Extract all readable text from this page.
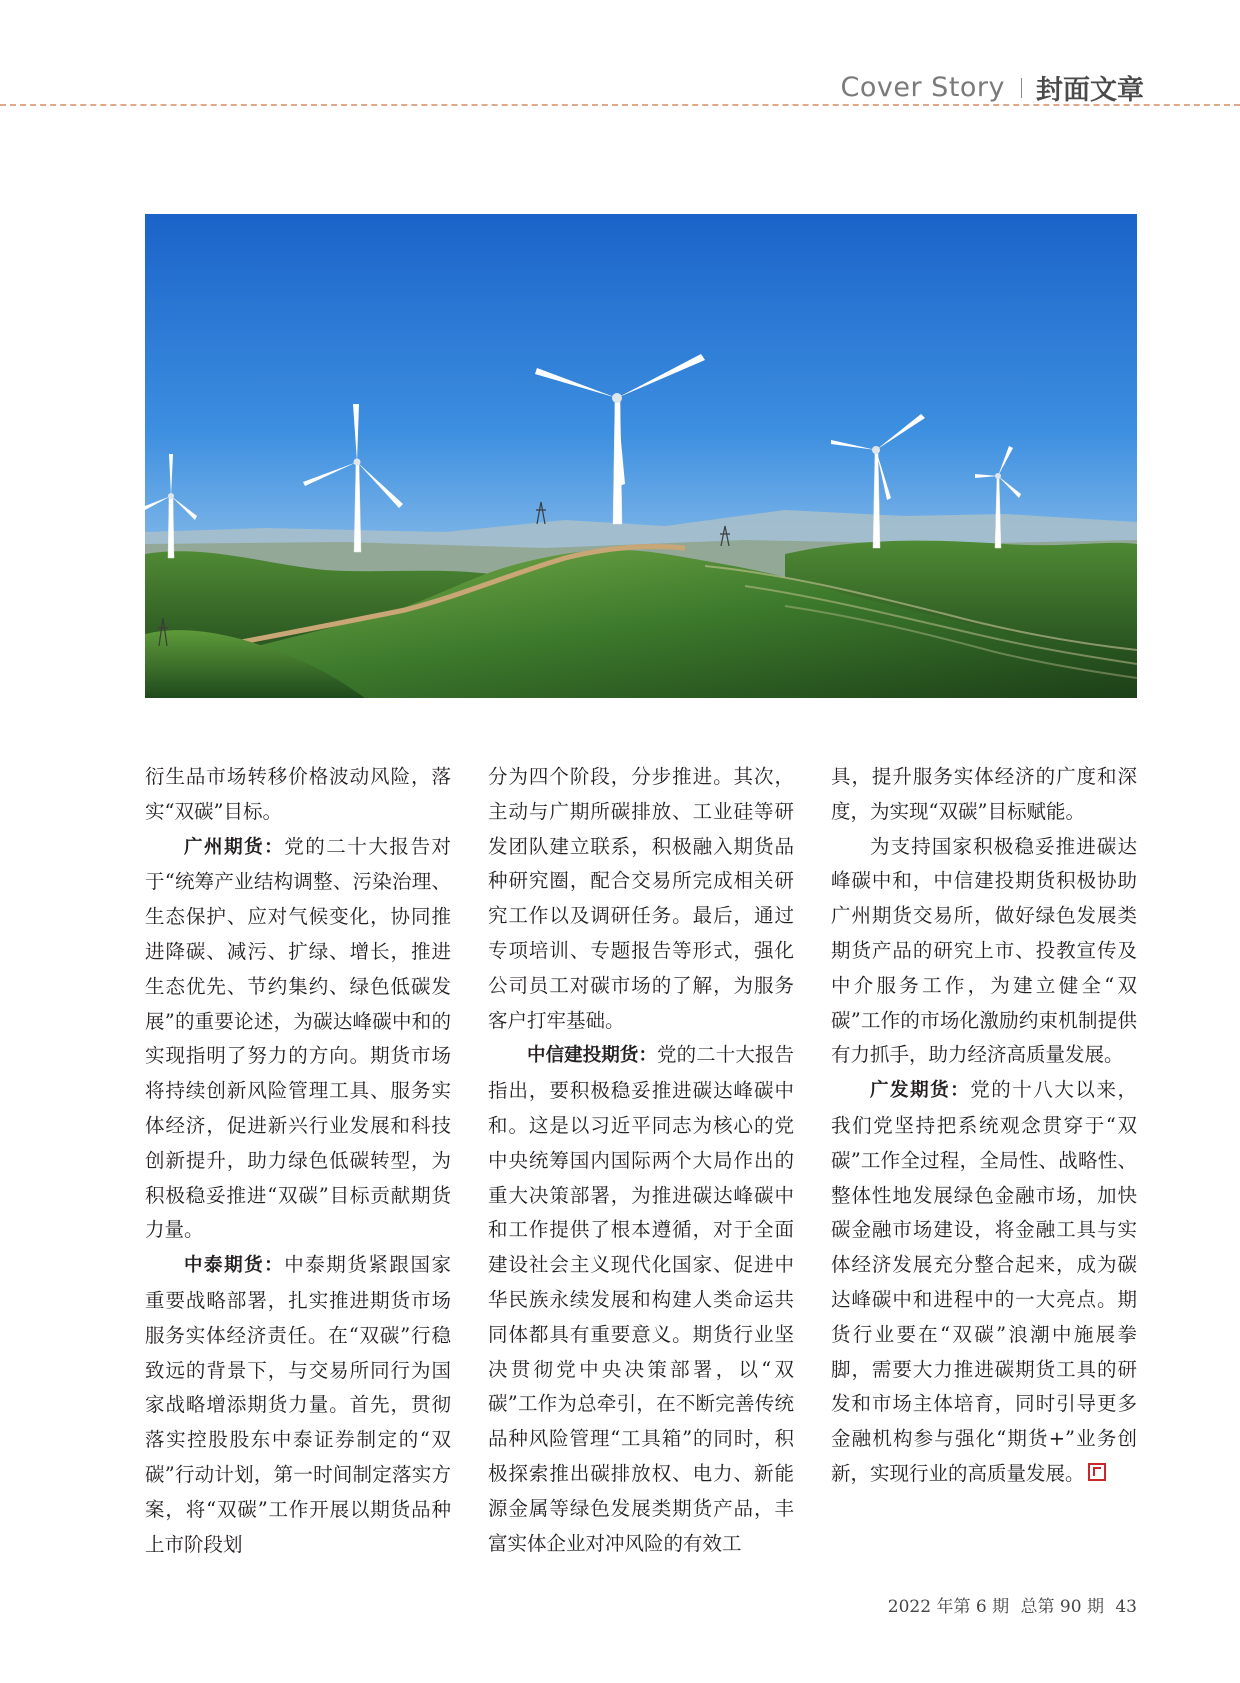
Cover Story 封面文章

衍生品市场转移价格波动风险，落实“双碳”目标。

广州期货：党的二十大报告对于“统筹产业结构调整、污染治理、生态保护、应对气候变化，协同推进降碳、减污、扩绿、增长，推进生态优先、节约集约、绿色低碳发展”的重要论述，为碳达峰碳中和的实现指明了努力的方向。期货市场将持续创新风险管理工具、服务实体经济，促进新兴行业发展和科技创新提升，助力绿色低碳转型，为积极稳妥推进“双碳”目标贡献期货力量。

中泰期货：中泰期货紧跟国家重要战略部署，扎实推进期货市场服务实体经济责任。在“双碳”行稳致远的背景下，与交易所同行为国家战略增添期货力量。首先，贯彻落实控股股东中泰证券制定的“双碳”行动计划，第一时间制定落实方案，将“双碳”工作开展以期货品种上市阶段划

分为四个阶段，分步推进。其次，主动与广期所碳排放、工业硅等研发团队建立联系，积极融入期货品种研究圈，配合交易所完成相关研究工作以及调研任务。最后，通过专项培训、专题报告等形式，强化公司员工对碳市场的了解，为服务客户打牢基础。

中信建投期货：党的二十大报告指出，要积极稳妥推进碳达峰碳中和。这是以习近平同志为核心的党中央统筹国内国际两个大局作出的重大决策部署，为推进碳达峰碳中和工作提供了根本遵循，对于全面建设社会主义现代化国家、促进中华民族永续发展和构建人类命运共同体都具有重要意义。期货行业坚决贯彻党中央决策部署，以“双碳”工作为总牵引，在不断完善传统品种风险管理“工具箱”的同时，积极探索推出碳排放权、电力、新能源金属等绿色发展类期货产品，丰富实体企业对冲风险的有效工

具，提升服务实体经济的广度和深度，为实现“双碳”目标赋能。

为支持国家积极稳妥推进碳达峰碳中和，中信建投期货积极协助广州期货交易所，做好绿色发展类期货产品的研究上市、投教宣传及中介服务工作，为建立健全“双碳”工作的市场化激励约束机制提供有力抓手，助力经济高质量发展。

广发期货：党的十八大以来，我们党坚持把系统观念贯穿于“双碳”工作全过程，全局性、战略性、整体性地发展绿色金融市场，加快碳金融市场建设，将金融工具与实体经济发展充分整合起来，成为碳达峰碳中和进程中的一大亮点。期货行业要在“双碳”浪潮中施展拳脚，需要大力推进碳期货工具的研发和市场主体培育，同时引导更多金融机构参与强化“期货+”业务创新，实现行业的高质量发展。

2022 年第 6 期 总第 90 期 43
